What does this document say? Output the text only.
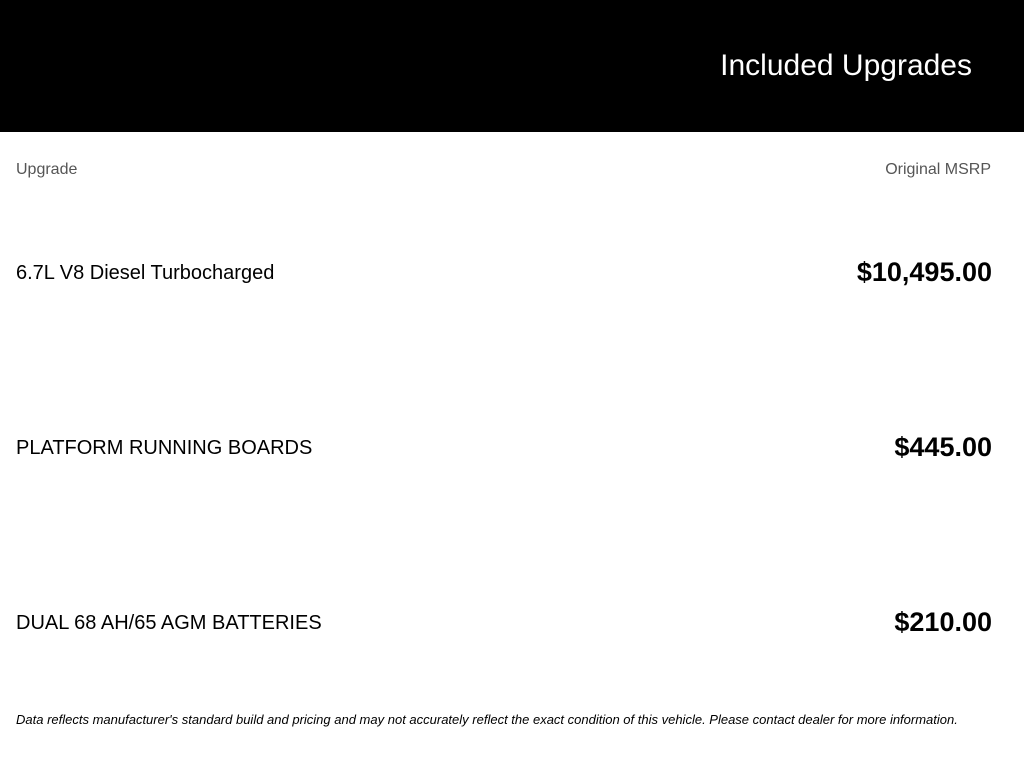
Included Upgrades
Upgrade	Original MSRP
6.7L V8 Diesel Turbocharged	$10,495.00
PLATFORM RUNNING BOARDS	$445.00
DUAL 68 AH/65 AGM BATTERIES	$210.00
Data reflects manufacturer's standard build and pricing and may not accurately reflect the exact condition of this vehicle. Please contact dealer for more information.
